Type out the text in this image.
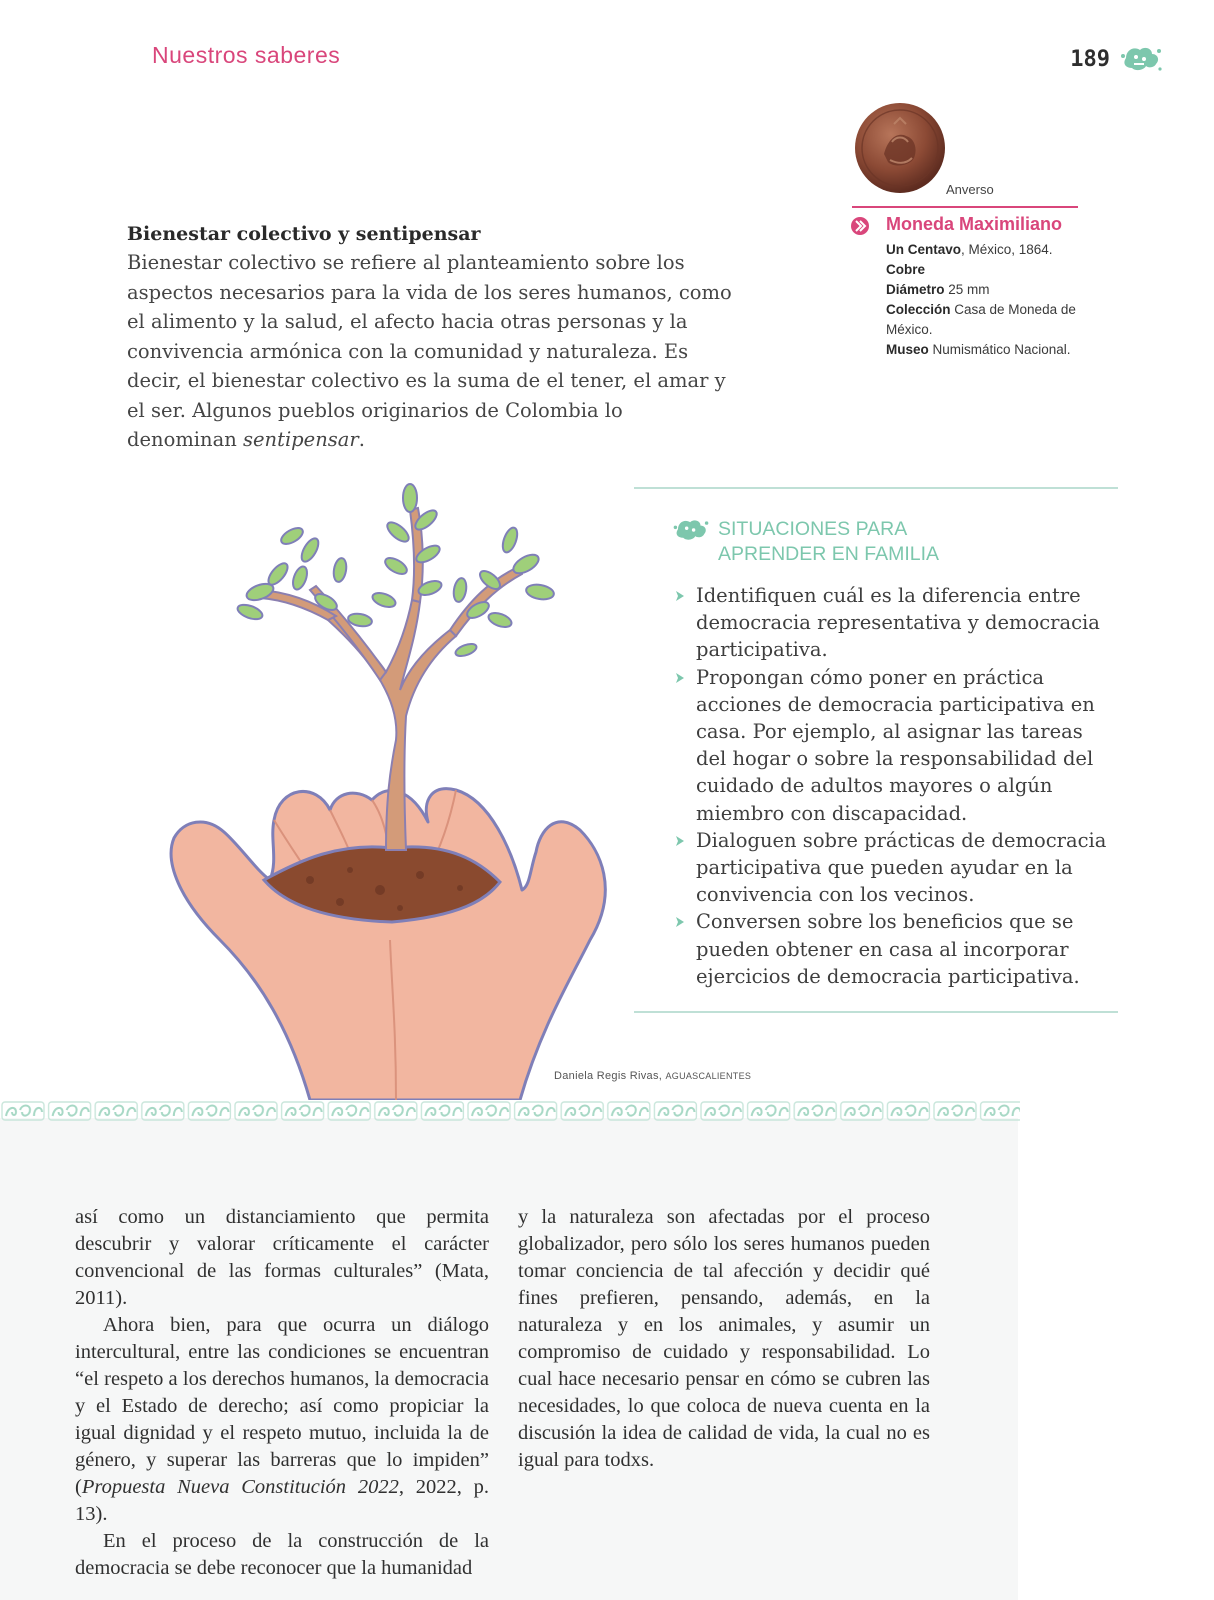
Nuestros saberes	189
Anverso
Moneda Maximiliano
Un Centavo, México, 1864.
Cobre
Diámetro 25 mm
Colección Casa de Moneda de México.
Museo Numismático Nacional.
Bienestar colectivo y sentipensar

Bienestar colectivo se refiere al planteamiento sobre los aspectos necesarios para la vida de los seres humanos, como el alimento y la salud, el afecto hacia otras personas y la convivencia armónica con la comunidad y naturaleza. Es decir, el bienestar colectivo es la suma de el tener, el amar y el ser. Algunos pueblos originarios de Colombia lo denominan sentipensar.

Daniela Regis Rivas, AGUASCALIENTES
SITUACIONES PARA
APRENDER EN FAMILIA
Identifiquen cuál es la diferencia entre democracia representativa y democracia participativa.
Propongan cómo poner en práctica acciones de democracia participativa en casa. Por ejemplo, al asignar las tareas del hogar o sobre la responsabilidad del cuidado de adultos mayores o algún miembro con discapacidad.
Dialoguen sobre prácticas de democracia participativa que pueden ayudar en la convivencia con los vecinos.
Conversen sobre los beneficios que se pueden obtener en casa al incorporar ejercicios de democracia participativa.

así como un distanciamiento que permita descubrir y valorar críticamente el carácter convencional de las formas culturales” (Mata, 2011).

Ahora bien, para que ocurra un diálogo intercultural, entre las condiciones se encuentran “el respeto a los derechos humanos, la democracia y el Estado de derecho; así como propiciar la igual dignidad y el respeto mutuo, incluida la de género, y superar las barreras que lo impiden” (Propuesta Nueva Constitución 2022, 2022, p. 13).

En el proceso de la construcción de la democracia se debe reconocer que la humanidad

y la naturaleza son afectadas por el proceso globalizador, pero sólo los seres humanos pueden tomar conciencia de tal afección y decidir qué fines prefieren, pensando, además, en la naturaleza y en los animales, y asumir un compromiso de cuidado y responsabilidad. Lo cual hace necesario pensar en cómo se cubren las necesidades, lo que coloca de nueva cuenta en la discusión la idea de calidad de vida, la cual no es igual para todxs.
